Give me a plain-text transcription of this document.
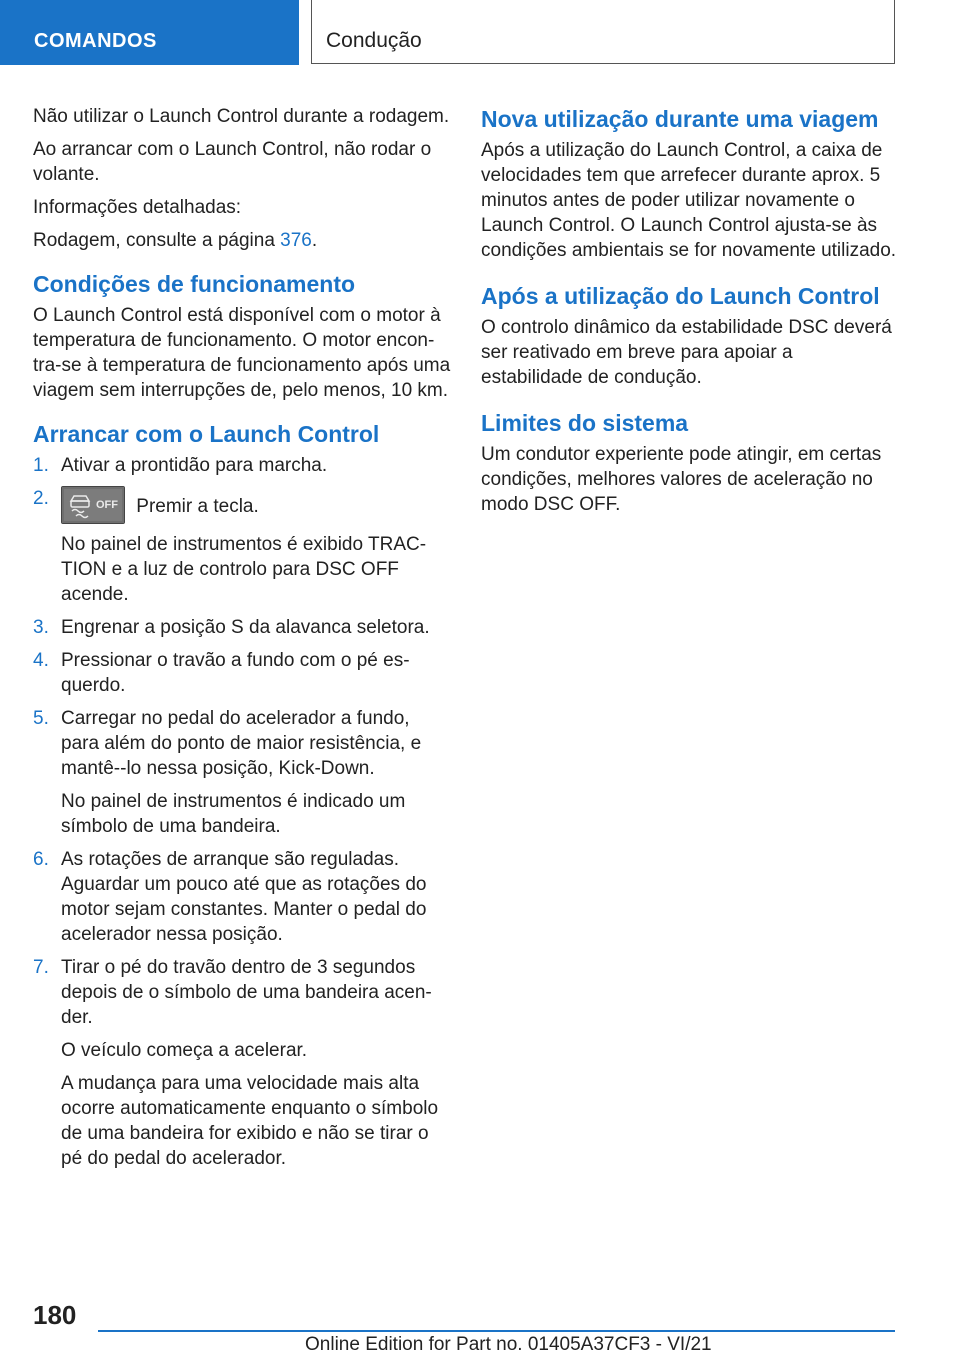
COMANDOS	Condução

Não utilizar o Launch Control durante a rodagem.

Ao arrancar com o Launch Control, não rodar o volante.

Informações detalhadas:

Rodagem, consulte a página 376.

Condições de funcionamento

O Launch Control está disponível com o motor à temperatura de funcionamento. O motor encon‐tra-se à temperatura de funcionamento após uma viagem sem interrupções de, pelo menos, 10 km.

Arrancar com o Launch Control
1. Ativar a prontidão para marcha.
2.	OFF Premir a tecla.

No painel de instrumentos é exibido TRAC‐TION e a luz de controlo para DSC OFF acende.

3. Engrenar a posição S da alavanca seletora.
4. Pressionar o travão a fundo com o pé es‐querdo.
5. Carregar no pedal do acelerador a fundo, para além do ponto de maior resistência, e mantê--lo nessa posição, Kick-Down.

No painel de instrumentos é indicado um símbolo de uma bandeira.

6. As rotações de arranque são reguladas. Aguardar um pouco até que as rotações do motor sejam constantes. Manter o pedal do acelerador nessa posição.
7. Tirar o pé do travão dentro de 3 segundos depois de o símbolo de uma bandeira acen‐der.

O veículo começa a acelerar.

A mudança para uma velocidade mais alta ocorre automaticamente enquanto o símbolo de uma bandeira for exibido e não se tirar o pé do pedal do acelerador.

Nova utilização durante uma viagem

Após a utilização do Launch Control, a caixa de velocidades tem que arrefecer durante aprox. 5 minutos antes de poder utilizar novamente o Launch Control. O Launch Control ajusta-se às condições ambientais se for novamente utilizado.

Após a utilização do Launch Control

O controlo dinâmico da estabilidade DSC deverá ser reativado em breve para apoiar a estabilidade de condução.

Limites do sistema

Um condutor experiente pode atingir, em certas condições, melhores valores de aceleração no modo DSC OFF.

180
Online Edition for Part no. 01405A37CF3 - VI/21
